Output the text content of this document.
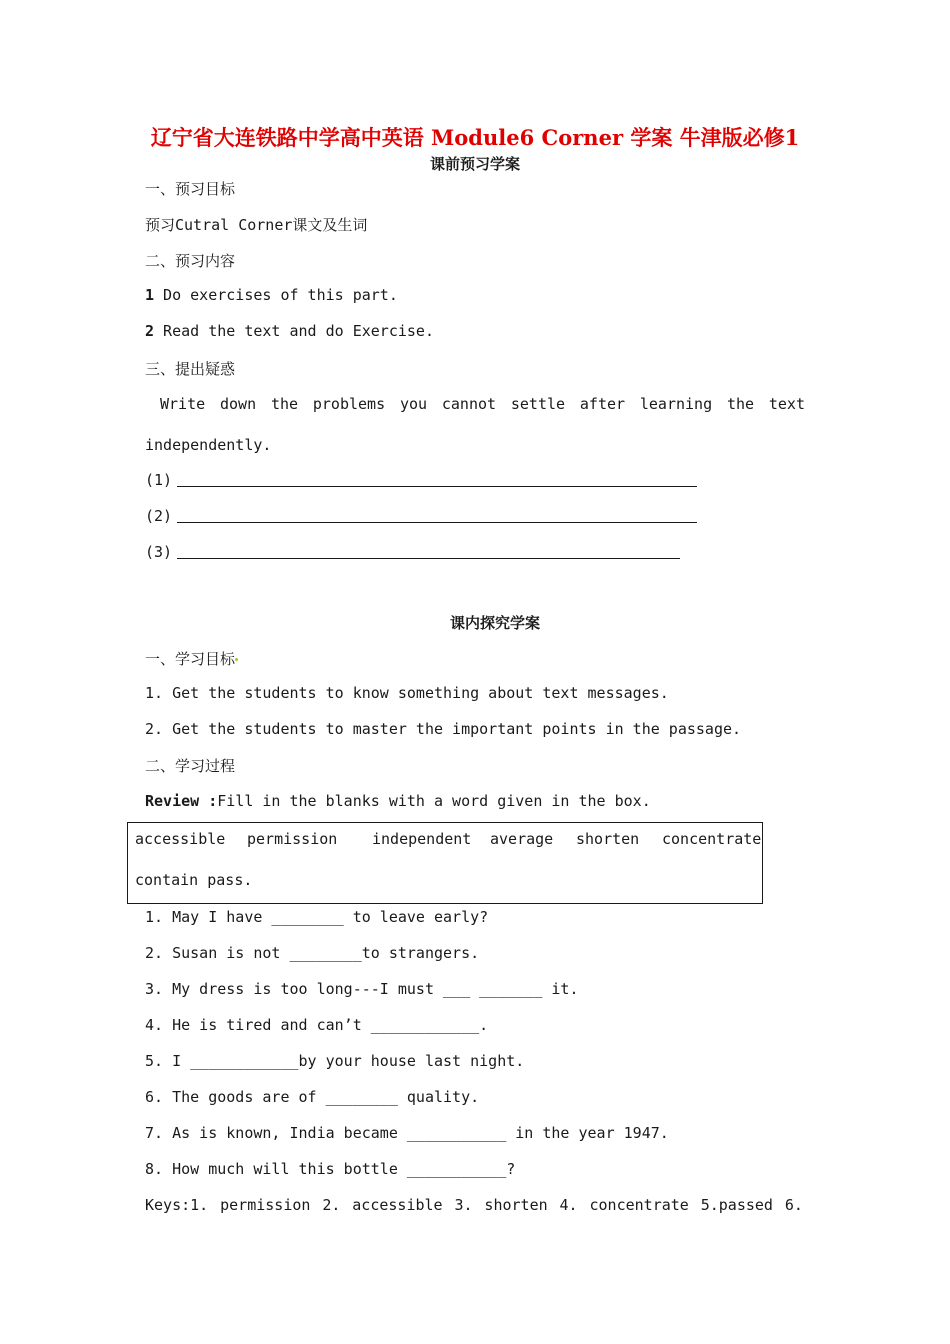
辽宁省大连铁路中学高中英语 Module6 Corner 学案 牛津版必修1
课前预习学案
一、预习目标
预习Cutral Corner课文及生词
二、预习内容
1 Do exercises of this part.
2 Read the text and do Exercise.
三、提出疑惑
Write down the problems you cannot settle after learning the text
independently.
(1)
(2)
(3)
课内探究学案
一、学习目标
1. Get the students to know something about text messages.
2. Get the students to master the important points in the passage.
二、学习过程
Review :Fill in the blanks with a word given in the box.
accessible permission independent average shorten concentrate
contain pass.
1. May I have ________ to leave early?
2. Susan is not ________to strangers.
3. My dress is too long---I must ___ _______ it.
4. He is tired and can’t ____________.
5. I ____________by your house last night.
6. The goods are of ________ quality.
7. As is known, India became ___________ in the year 1947.
8. How much will this bottle ___________?
Keys:1. permission 2. accessible 3. shorten 4. concentrate 5.passed 6.
